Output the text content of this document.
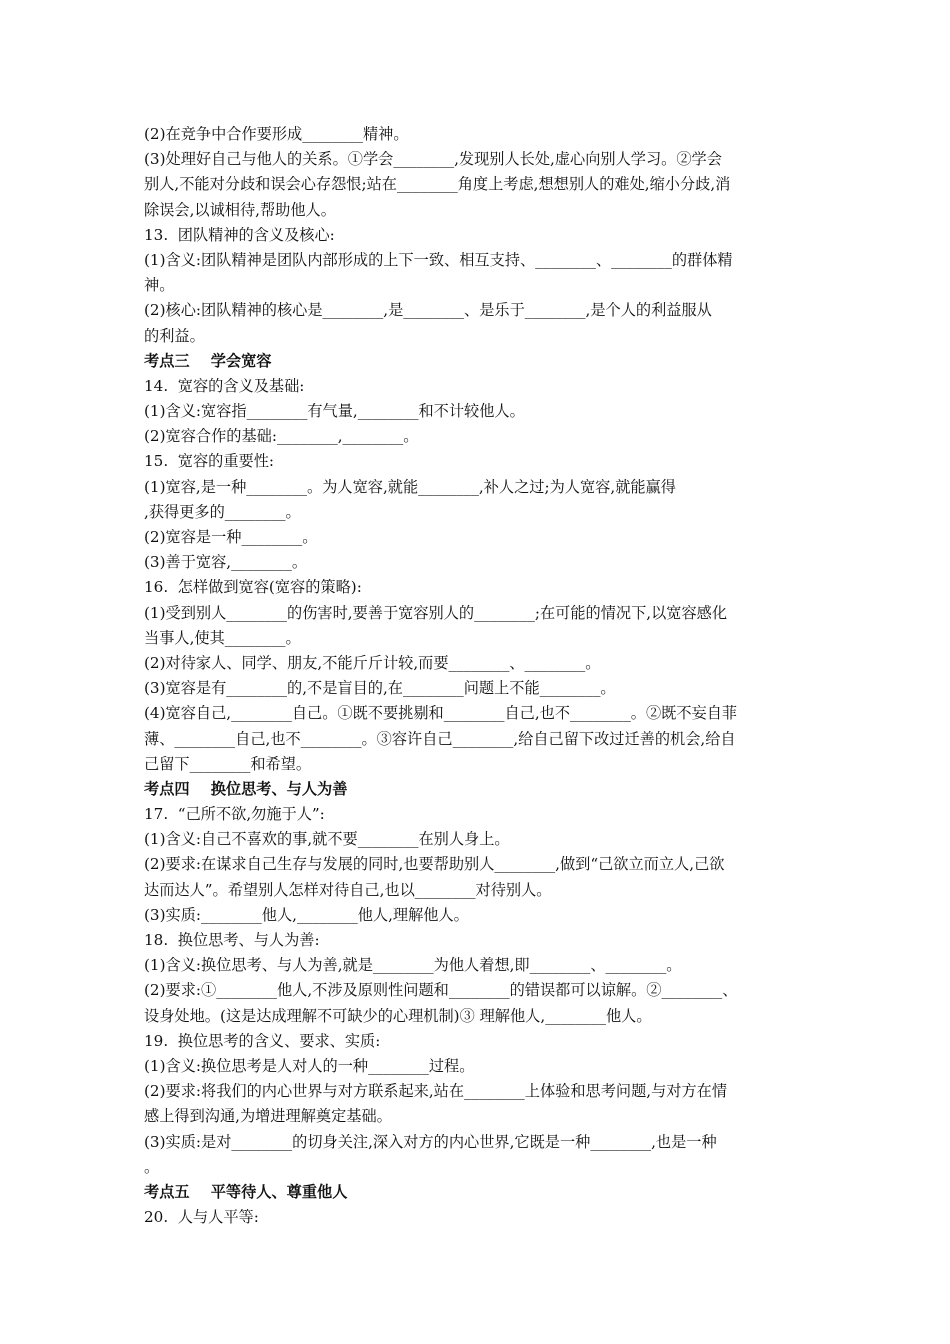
(2)在竞争中合作要形成________精神。
(3)处理好自己与他人的关系。①学会________,发现别人长处,虚心向别人学习。②学会
别人,不能对分歧和误会心存怨恨;站在________角度上考虑,想想别人的难处,缩小分歧,消
除误会,以诚相待,帮助他人。
13.  团队精神的含义及核心:
(1)含义:团队精神是团队内部形成的上下一致、相互支持、________、________的群体精
神。
(2)核心:团队精神的核心是________,是________、是乐于________,是个人的利益服从
的利益。
考点三    学会宽容
14.  宽容的含义及基础:
(1)含义:宽容指________有气量,________和不计较他人。
(2)宽容合作的基础:________,________。
15.  宽容的重要性:
(1)宽容,是一种________。为人宽容,就能________,补人之过;为人宽容,就能赢得
,获得更多的________。
(2)宽容是一种________。
(3)善于宽容,________。
16.  怎样做到宽容(宽容的策略):
(1)受到别人________的伤害时,要善于宽容别人的________;在可能的情况下,以宽容感化
当事人,使其________。
(2)对待家人、同学、朋友,不能斤斤计较,而要________、________。
(3)宽容是有________的,不是盲目的,在________问题上不能________。
(4)宽容自己,________自己。①既不要挑剔和________自己,也不________。②既不妄自菲
薄、________自己,也不________。③容许自己________,给自己留下改过迁善的机会,给自
己留下________和希望。
考点四    换位思考、与人为善
17.  “己所不欲,勿施于人”:
(1)含义:自己不喜欢的事,就不要________在别人身上。
(2)要求:在谋求自己生存与发展的同时,也要帮助别人________,做到“己欲立而立人,己欲
达而达人”。希望别人怎样对待自己,也以________对待别人。
(3)实质:________他人,________他人,理解他人。
18.  换位思考、与人为善:
(1)含义:换位思考、与人为善,就是________为他人着想,即________、________。
(2)要求:①________他人,不涉及原则性问题和________的错误都可以谅解。②________、
设身处地。(这是达成理解不可缺少的心理机制)③ 理解他人,________他人。
19.  换位思考的含义、要求、实质:
(1)含义:换位思考是人对人的一种________过程。
(2)要求:将我们的内心世界与对方联系起来,站在________上体验和思考问题,与对方在情
感上得到沟通,为增进理解奠定基础。
(3)实质:是对________的切身关注,深入对方的内心世界,它既是一种________,也是一种
。
考点五    平等待人、尊重他人
20.  人与人平等:
